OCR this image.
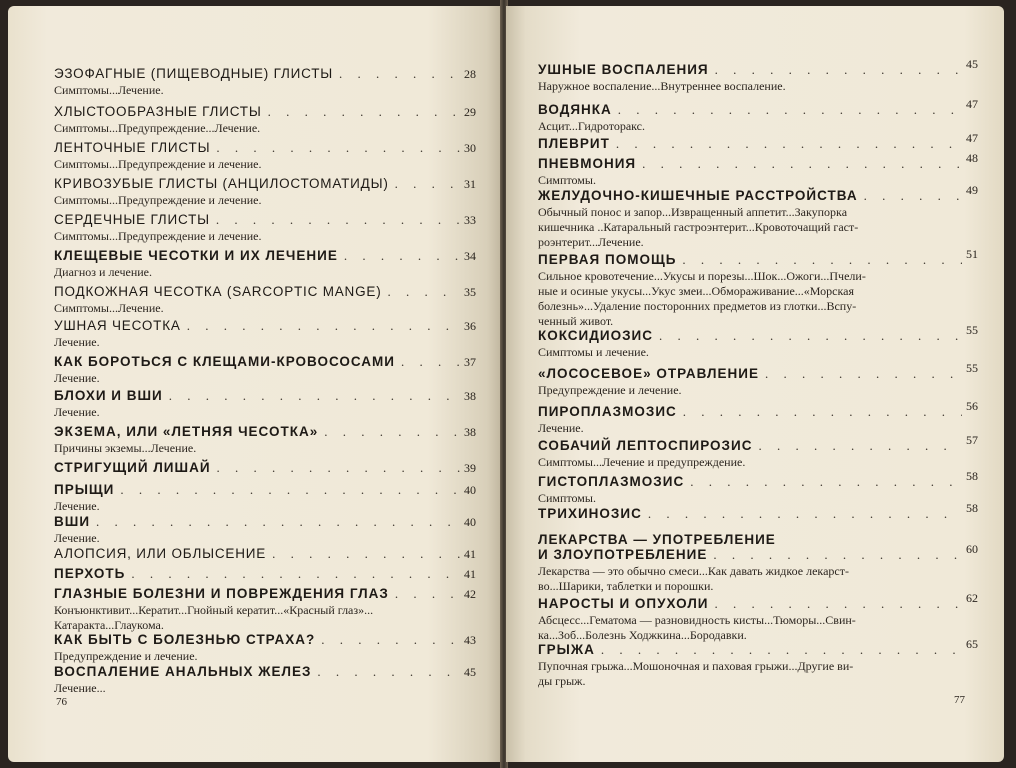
ЭЗОФАГНЫЕ (ПИЩЕВОДНЫЕ) ГЛИСТЫ . . .	28
Симптомы...Лечение.
ХЛЫСТООБРАЗНЫЕ ГЛИСТЫ . . .	29
Симптомы...Предупреждение...Лечение.
ЛЕНТОЧНЫЕ ГЛИСТЫ . . .	30
Симптомы...Предупреждение и лечение.
КРИВОЗУБЫЕ ГЛИСТЫ (АНЦИЛОСТОМАТИДЫ) . . .	31
Симптомы...Предупреждение и лечение.
СЕРДЕЧНЫЕ ГЛИСТЫ . . .	33
Симптомы...Предупреждение и лечение.
КЛЕЩЕВЫЕ ЧЕСОТКИ И ИХ ЛЕЧЕНИЕ . . .	34
Диагноз и лечение.
ПОДКОЖНАЯ ЧЕСОТКА (SARCOPTIC MANGE) . . .	35
Симптомы...Лечение.
УШНАЯ ЧЕСОТКА . . .	36
Лечение.
КАК БОРОТЬСЯ С КЛЕЩАМИ-КРОВОСОСАМИ . . .	37
Лечение.
БЛОХИ И ВШИ . . .	38
Лечение.
ЭКЗЕМА, ИЛИ «ЛЕТНЯЯ ЧЕСОТКА» . . .	38
Причины экземы...Лечение.
СТРИГУЩИЙ ЛИШАЙ . . .	39
ПРЫЩИ . . .	40
Лечение.
ВШИ . . .	40
Лечение.
АЛОПСИЯ, ИЛИ ОБЛЫСЕНИЕ . . .	41
ПЕРХОТЬ . . .	41
ГЛАЗНЫЕ БОЛЕЗНИ И ПОВРЕЖДЕНИЯ ГЛАЗ . . .	42
Конъюнктивит...Кератит...Гнойный кератит...«Красный глаз»...
Катаракта...Глаукома.
КАК БЫТЬ С БОЛЕЗНЬЮ СТРАХА? . . .	43
Предупреждение и лечение.
ВОСПАЛЕНИЕ АНАЛЬНЫХ ЖЕЛЕЗ . . .	45
Лечение...
76
УШНЫЕ ВОСПАЛЕНИЯ . . .	45
Наружное воспаление...Внутреннее воспаление.
ВОДЯНКА . . .	47
Асцит...Гидроторакс.
ПЛЕВРИТ . . .	47
ПНЕВМОНИЯ . . .	48
Симптомы.
ЖЕЛУДОЧНО-КИШЕЧНЫЕ РАССТРОЙСТВА . . .	49
Обычный понос и запор...Извращенный аппетит...Закупорка
кишечника ..Катаральный гастроэнтерит...Кровоточащий гаст-
роэнтерит...Лечение.
ПЕРВАЯ ПОМОЩЬ . . .	51
Сильное кровотечение...Укусы и порезы...Шок...Ожоги...Пчели-
ные и осиные укусы...Укус змеи...Обмораживание...«Морская
болезнь»...Удаление посторонних предметов из глотки...Вспу-
ченный живот.
КОКСИДИОЗИС . . .	55
Симптомы и лечение.
«ЛОСОСЕВОЕ» ОТРАВЛЕНИЕ . . .	55
Предупреждение и лечение.
ПИРОПЛАЗМОЗИС . . .	56
Лечение.
СОБАЧИЙ ЛЕПТОСПИРОЗИС . . .	57
Симптомы...Лечение и предупреждение.
ГИСТОПЛАЗМОЗИС . . .	58
Симптомы.
ТРИХИНОЗИС . . .	58
ЛЕКАРСТВА — УПОТРЕБЛЕНИЕ
И ЗЛОУПОТРЕБЛЕНИЕ . . .	60
Лекарства — это обычно смеси...Как давать жидкое лекарст-
во...Шарики, таблетки и порошки.
НАРОСТЫ И ОПУХОЛИ . . .	62
Абсцесс...Гематома — разновидность кисты...Тюморы...Свин-
ка...Зоб...Болезнь Ходжкина...Бородавки.
ГРЫЖА . . .	65
Пупочная грыжа...Мошоночная и паховая грыжи...Другие ви-
ды грыж.
77
